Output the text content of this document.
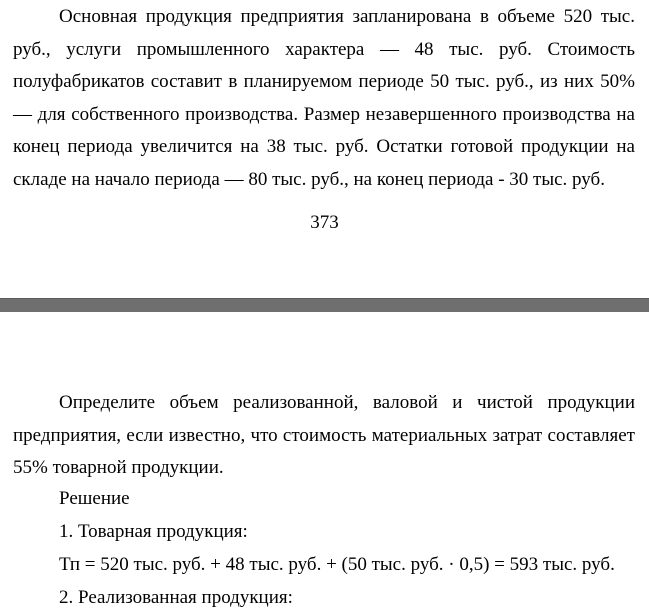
Основная продукция предприятия запланирована в объеме 520 тыс. руб., услуги промышленного характера — 48 тыс. руб. Стоимость полуфабрикатов составит в планируемом периоде 50 тыс. руб., из них 50% — для собственного производства. Размер незавершенного производства на конец периода увеличится на 38 тыс. руб. Остатки готовой продукции на складе на начало периода — 80 тыс. руб., на конец периода - 30 тыс. руб.

373

Определите объем реализованной, валовой и чистой продукции предприятия, если известно, что стоимость материальных затрат составляет 55% товарной продукции.

Решение

1. Товарная продукция:

Тп = 520 тыс. руб. + 48 тыс. руб. + (50 тыс. руб. · 0,5) = 593 тыс. руб.

2. Реализованная продукция:
